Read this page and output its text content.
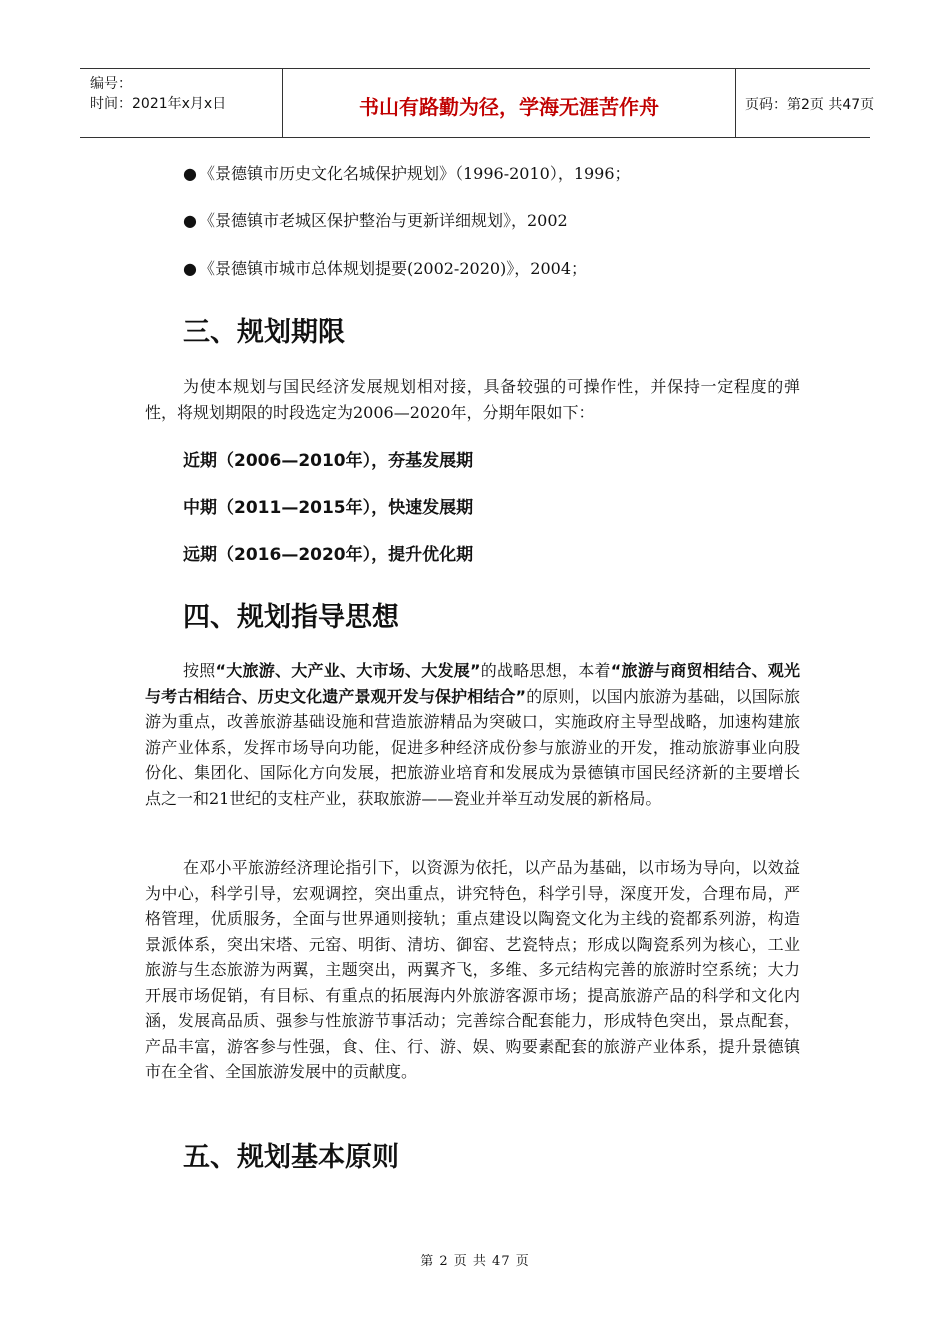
编号：
时间：2021年x月x日	书山有路勤为径，学海无涯苦作舟	页码：第2页 共47页
● 《景德镇市历史文化名城保护规划》（1996-2010），1996；
● 《景德镇市老城区保护整治与更新详细规划》，2002
● 《景德镇市城市总体规划提要(2002-2020)》，2004；
三、规划期限

为使本规划与国民经济发展规划相对接，具备较强的可操作性，并保持一定程度的弹性，将规划期限的时段选定为2006—2020年，分期年限如下：

近期（2006—2010年），夯基发展期
中期（2011—2015年），快速发展期
远期（2016—2020年），提升优化期
四、规划指导思想

按照“大旅游、大产业、大市场、大发展”的战略思想，本着“旅游与商贸相结合、观光与考古相结合、历史文化遗产景观开发与保护相结合”的原则，以国内旅游为基础，以国际旅游为重点，改善旅游基础设施和营造旅游精品为突破口，实施政府主导型战略，加速构建旅游产业体系，发挥市场导向功能，促进多种经济成份参与旅游业的开发，推动旅游事业向股份化、集团化、国际化方向发展，把旅游业培育和发展成为景德镇市国民经济新的主要增长点之一和21世纪的支柱产业，获取旅游——瓷业并举互动发展的新格局。

在邓小平旅游经济理论指引下，以资源为依托，以产品为基础，以市场为导向，以效益为中心，科学引导，宏观调控，突出重点，讲究特色，科学引导，深度开发，合理布局，严格管理，优质服务，全面与世界通则接轨；重点建设以陶瓷文化为主线的瓷都系列游，构造景派体系，突出宋塔、元窑、明街、清坊、御窑、艺瓷特点；形成以陶瓷系列为核心，工业旅游与生态旅游为两翼，主题突出，两翼齐飞，多维、多元结构完善的旅游时空系统；大力开展市场促销，有目标、有重点的拓展海内外旅游客源市场；提高旅游产品的科学和文化内涵，发展高品质、强参与性旅游节事活动；完善综合配套能力，形成特色突出，景点配套，产品丰富，游客参与性强，食、住、行、游、娱、购要素配套的旅游产业体系，提升景德镇市在全省、全国旅游发展中的贡献度。

五、规划基本原则
第 2 页 共 47 页
